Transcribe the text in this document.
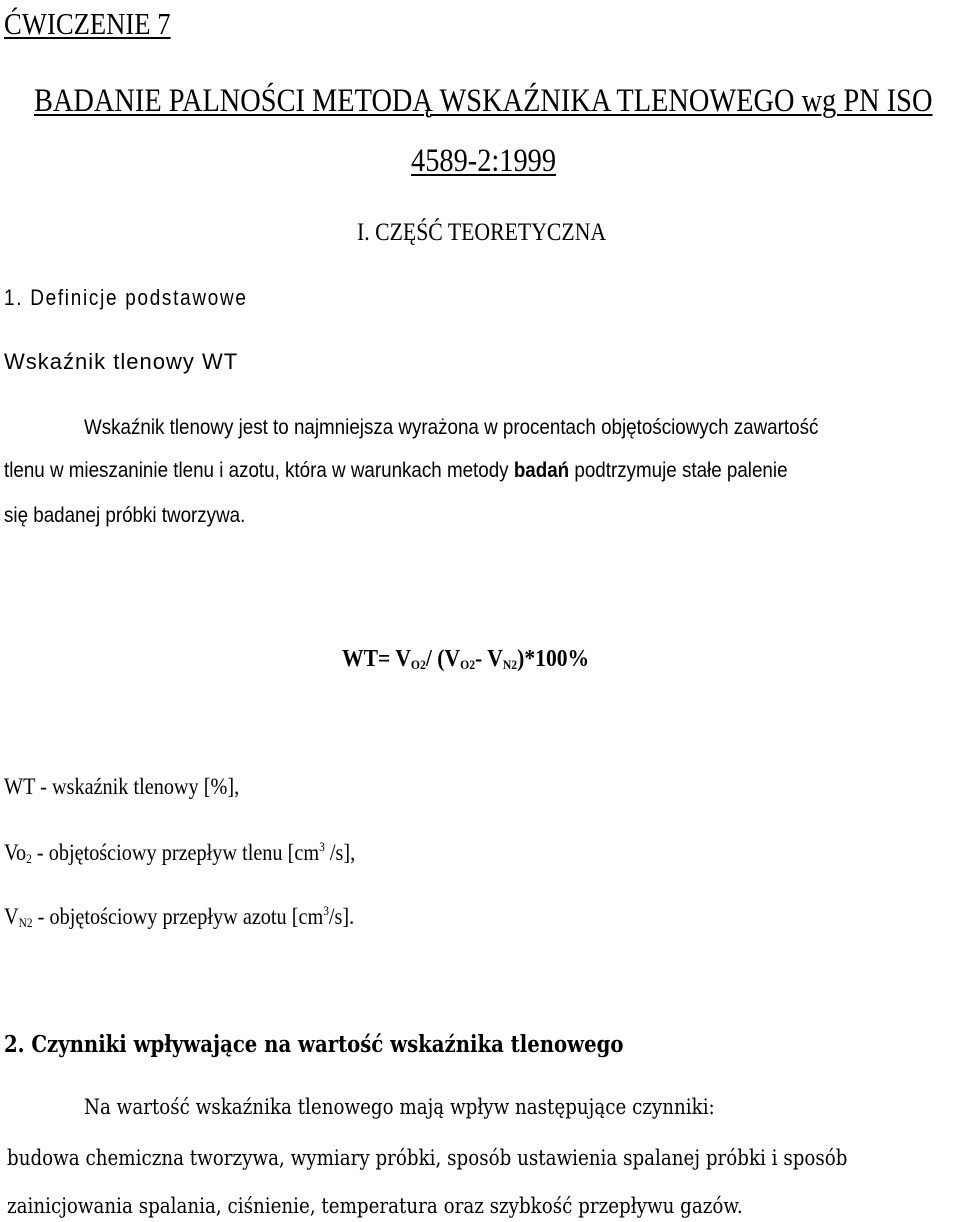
ĆWICZENIE 7
BADANIE PALNOŚCI METODĄ WSKAŹNIKA TLENOWEGO wg PN ISO
4589-2:1999
I. CZĘŚĆ TEORETYCZNA
1. Definicje podstawowe
Wskaźnik tlenowy WT
Wskaźnik tlenowy jest to najmniejsza wyrażona w procentach objętościowych zawartość
tlenu w mieszaninie tlenu i azotu, która w warunkach metody badań podtrzymuje stałe palenie
się badanej próbki tworzywa.
$WT= V_{O2}/$ ($V_{O2}-$ $V_{N2})*100\%$
WT - wskaźnik tlenowy [%],
$Vo_2$ - objętościowy przepływ tlenu [$cm^3$ /s],
$V_{N2}$ - objętościowy przepływ azotu $[cm^3/s]$.
2. Czynniki wpływające na wartość wskaźnika tlenowego
Na wartość wskaźnika tlenowego mają wpływ następujące czynniki:
budowa chemiczna tworzywa, wymiary próbki, sposób ustawienia spalanej próbki i sposób
zainicjowania spalania, ciśnienie, temperatura oraz szybkość przepływu gazów.
